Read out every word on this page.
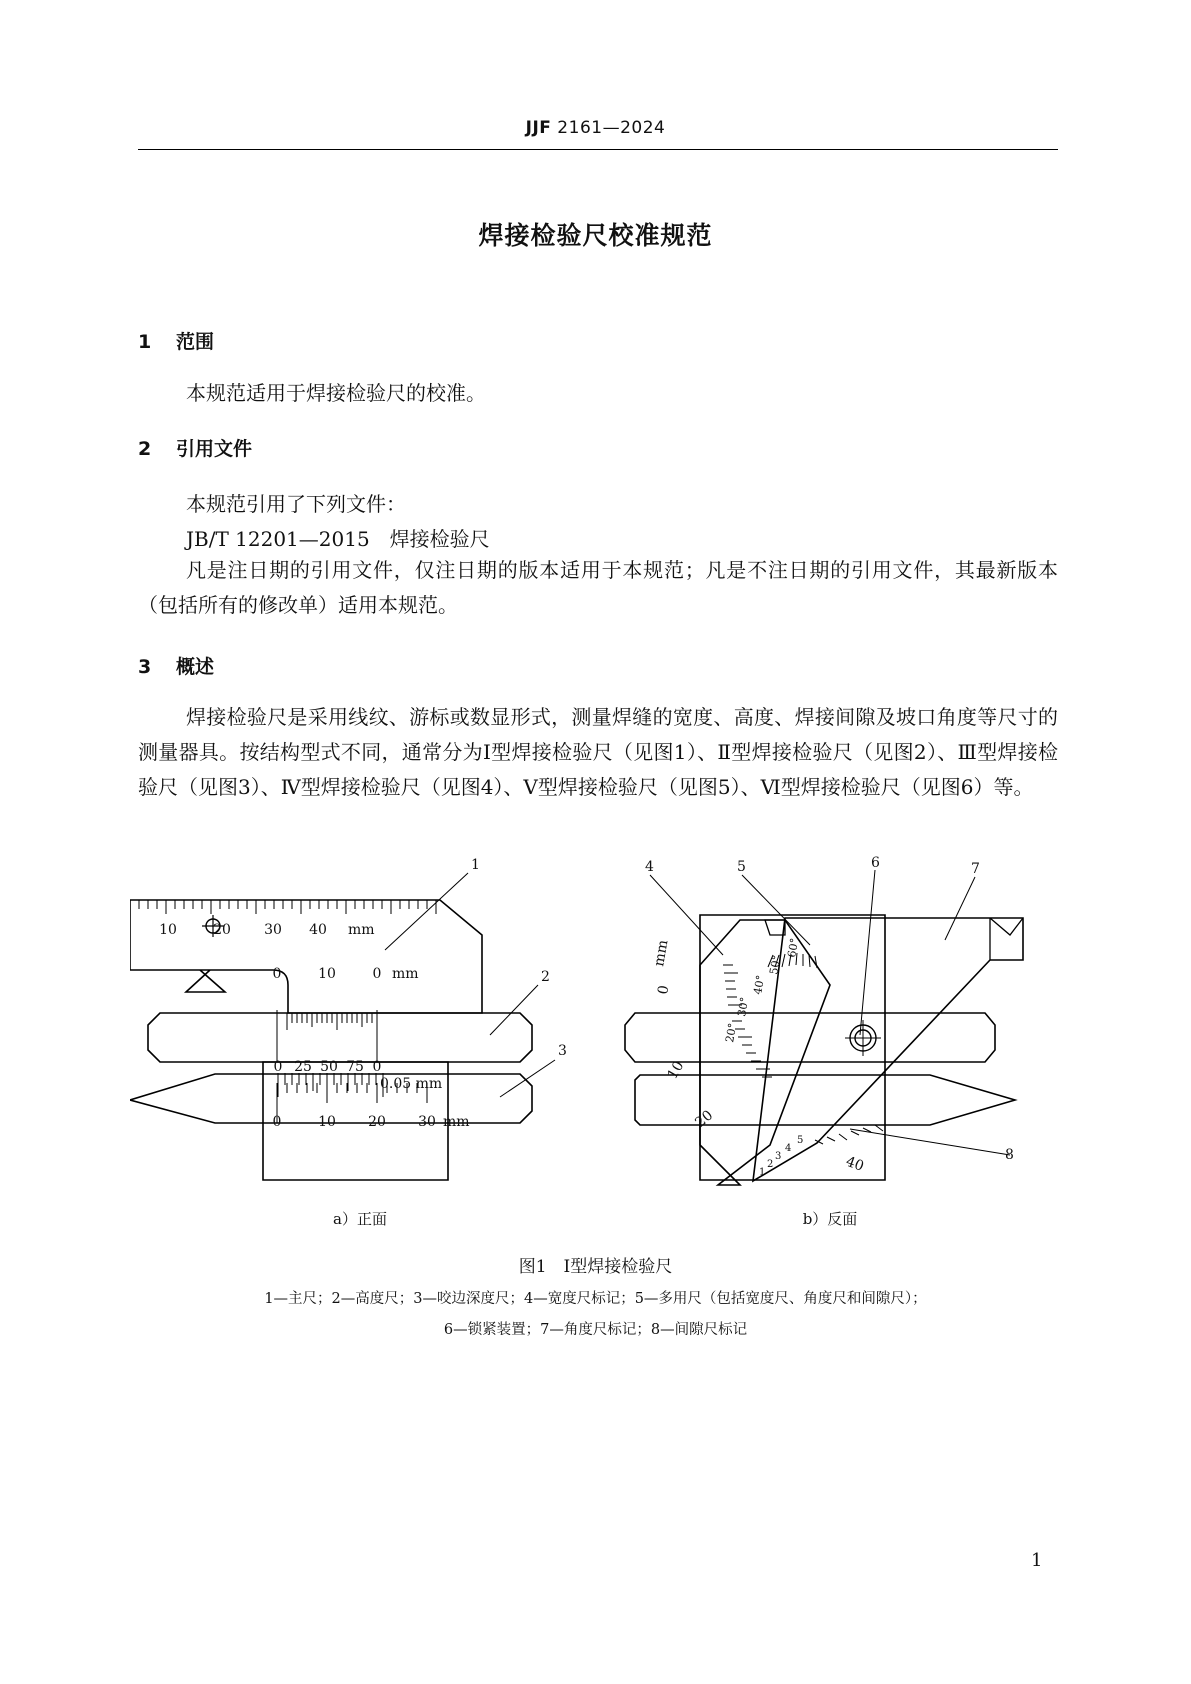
JJF 2161—2024
焊接检验尺校准规范
1 范围
本规范适用于焊接检验尺的校准。
2 引用文件
本规范引用了下列文件：
JB/T 12201—2015　焊接检验尺
凡是注日期的引用文件，仅注日期的版本适用于本规范；凡是不注日期的引用文件，其最新版本（包括所有的修改单）适用本规范。
3 概述
焊接检验尺是采用线纹、游标或数显形式，测量焊缝的宽度、高度、焊接间隙及坡口角度等尺寸的测量器具。按结构型式不同，通常分为Ⅰ型焊接检验尺（见图1）、Ⅱ型焊接检验尺（见图2）、Ⅲ型焊接检验尺（见图3）、Ⅳ型焊接检验尺（见图4）、Ⅴ型焊接检验尺（见图5）、Ⅵ型焊接检验尺（见图6）等。
10	20 30 40 mm
0	10	0 mm
0 25 50 75 0
0.05 mm
0	10 20 30 mm
1
2
3
0
mm
10
20
20°
30°
40°
50°
60°
1
2
3
4
5
40
4	5	6	7
8
a）正面	b）反面
图1　Ⅰ型焊接检验尺
1—主尺；2—高度尺；3—咬边深度尺；4—宽度尺标记；5—多用尺（包括宽度尺、角度尺和间隙尺）；
6—锁紧装置；7—角度尺标记；8—间隙尺标记
1
